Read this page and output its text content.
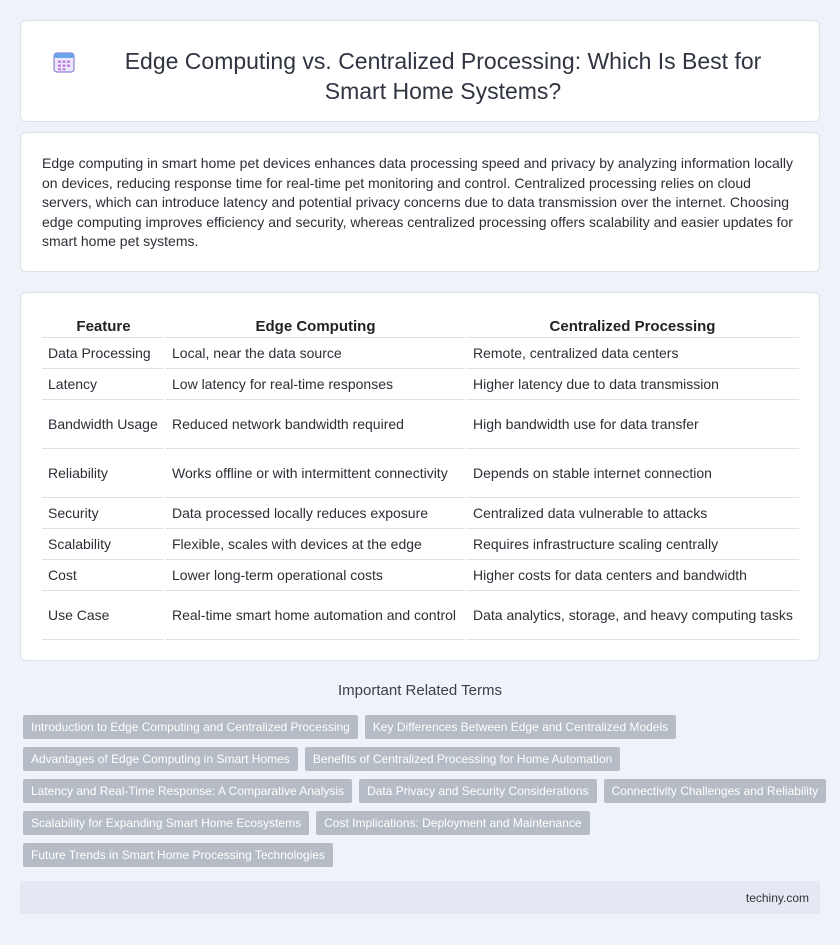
Edge Computing vs. Centralized Processing: Which Is Best for Smart Home Systems?

Edge computing in smart home pet devices enhances data processing speed and privacy by analyzing information locally on devices, reducing response time for real-time pet monitoring and control. Centralized processing relies on cloud servers, which can introduce latency and potential privacy concerns due to data transmission over the internet. Choosing edge computing improves efficiency and security, whereas centralized processing offers scalability and easier updates for smart home pet systems.

Feature	Edge Computing	Centralized Processing
Data Processing	Local, near the data source	Remote, centralized data centers
Latency	Low latency for real-time responses	Higher latency due to data transmission
Bandwidth Usage	Reduced network bandwidth required	High bandwidth use for data transfer
Reliability	Works offline or with intermittent connectivity	Depends on stable internet connection
Security	Data processed locally reduces exposure	Centralized data vulnerable to attacks
Scalability	Flexible, scales with devices at the edge	Requires infrastructure scaling centrally
Cost	Lower long-term operational costs	Higher costs for data centers and bandwidth
Use Case	Real-time smart home automation and control	Data analytics, storage, and heavy computing tasks
Important Related Terms
Introduction to Edge Computing and Centralized Processing	Key Differences Between Edge and Centralized Models
Advantages of Edge Computing in Smart Homes	Benefits of Centralized Processing for Home Automation
Latency and Real-Time Response: A Comparative Analysis	Data Privacy and Security Considerations	Connectivity Challenges and Reliability
Scalability for Expanding Smart Home Ecosystems	Cost Implications: Deployment and Maintenance
Future Trends in Smart Home Processing Technologies
techiny.com
